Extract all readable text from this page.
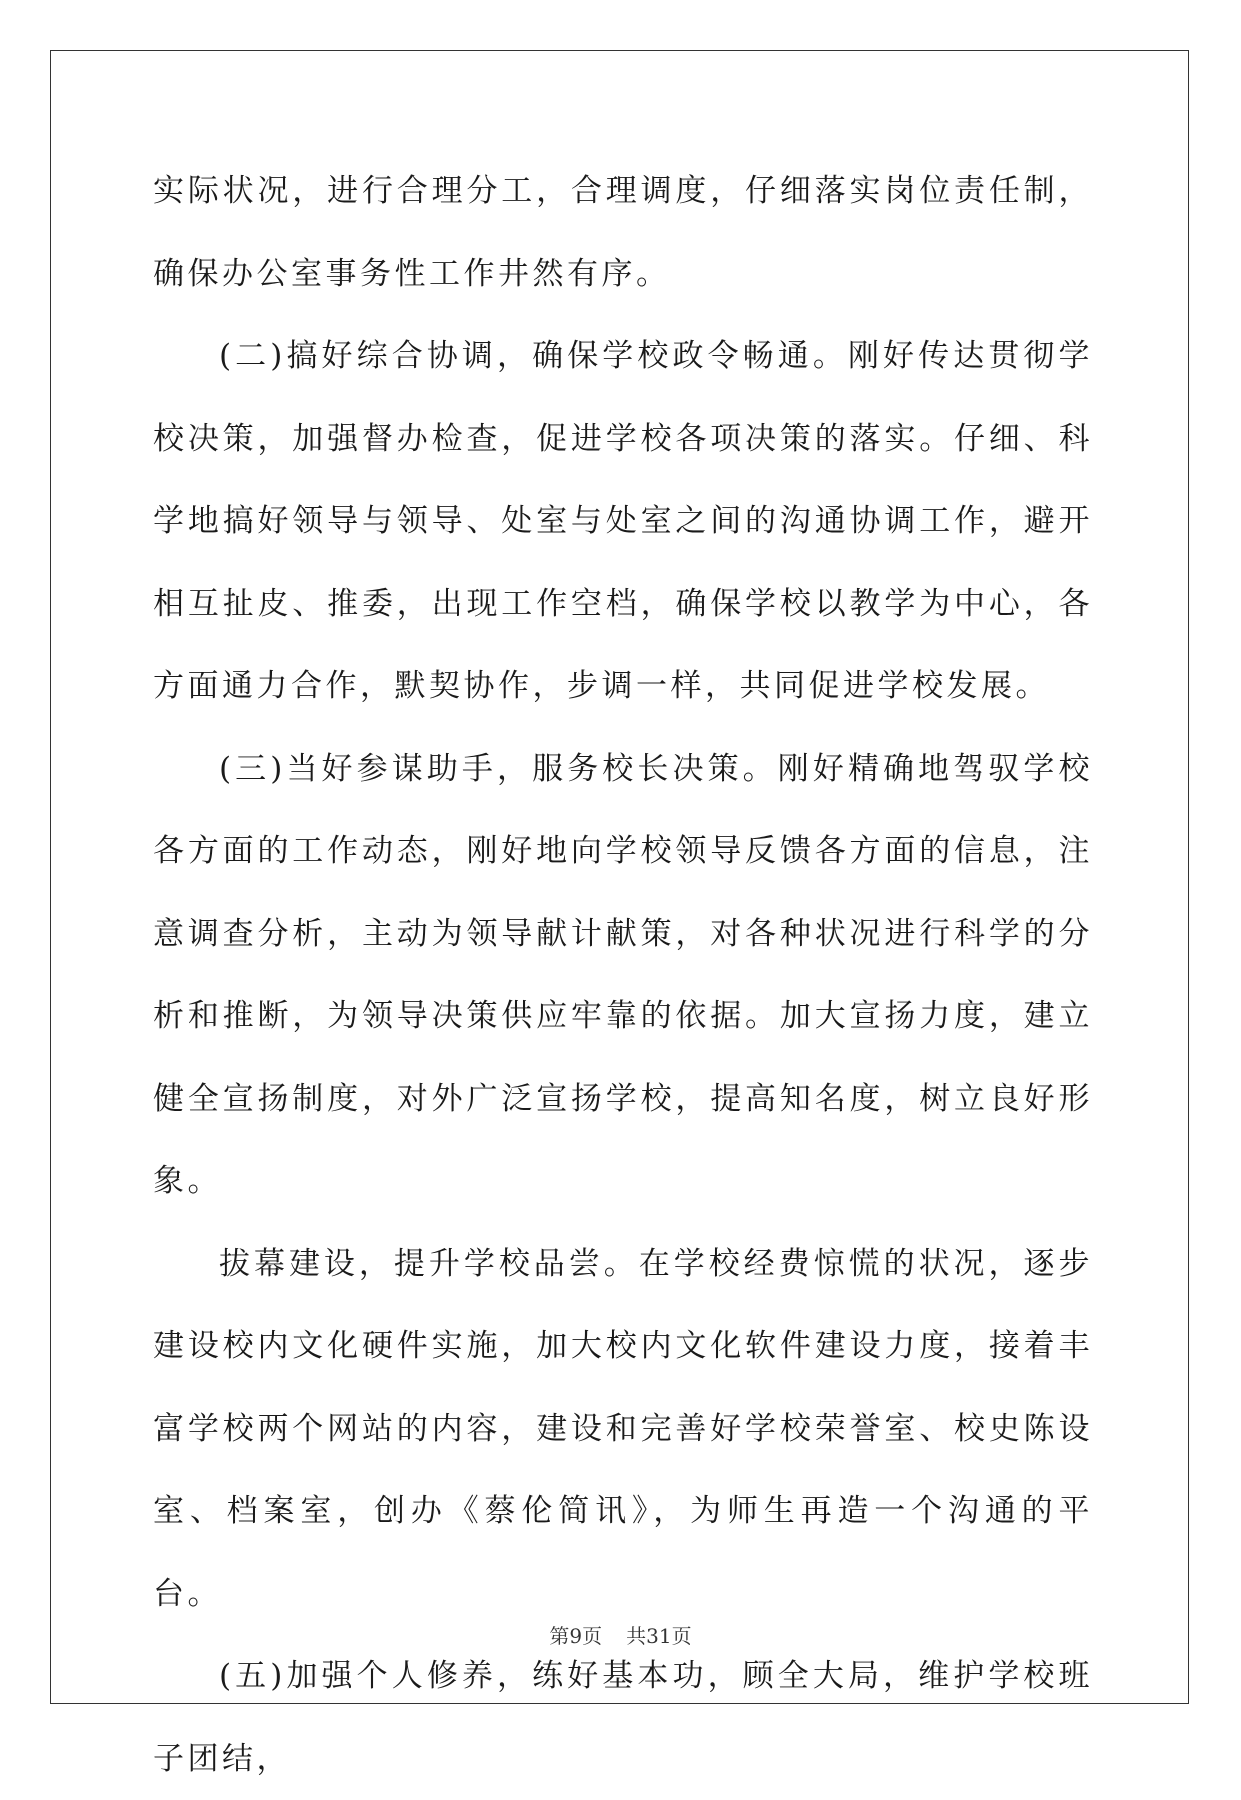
实际状况，进行合理分工，合理调度，仔细落实岗位责任制，确保办公室事务性工作井然有序。

(二)搞好综合协调，确保学校政令畅通。刚好传达贯彻学校决策，加强督办检查，促进学校各项决策的落实。仔细、科学地搞好领导与领导、处室与处室之间的沟通协调工作，避开相互扯皮、推委，出现工作空档，确保学校以教学为中心，各方面通力合作，默契协作，步调一样，共同促进学校发展。

(三)当好参谋助手，服务校长决策。刚好精确地驾驭学校各方面的工作动态，刚好地向学校领导反馈各方面的信息，注意调查分析，主动为领导献计献策，对各种状况进行科学的分析和推断，为领导决策供应牢靠的依据。加大宣扬力度，建立健全宣扬制度，对外广泛宣扬学校，提高知名度，树立良好形象。

拔幕建设，提升学校品尝。在学校经费惊慌的状况，逐步建设校内文化硬件实施，加大校内文化软件建设力度，接着丰富学校两个网站的内容，建设和完善好学校荣誉室、校史陈设室、档案室，创办《蔡伦简讯》，为师生再造一个沟通的平台。

(五)加强个人修养，练好基本功，顾全大局，维护学校班子团结，

第9页 共31页
